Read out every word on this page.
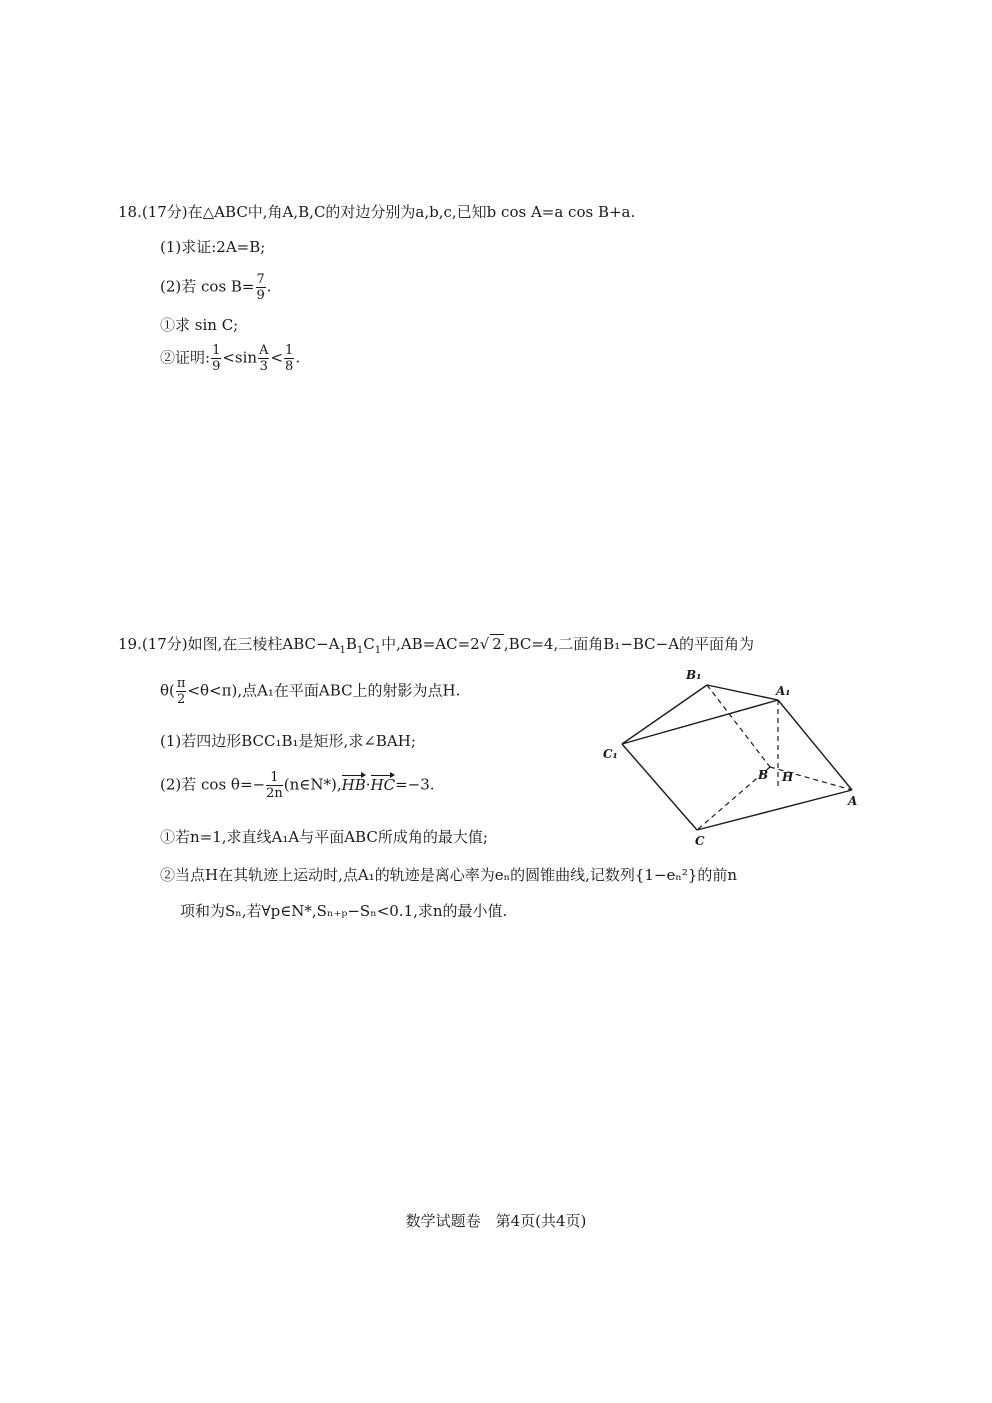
18.(17分)在△ABC中,角A,B,C的对边分别为a,b,c,已知b cos A=a cos B+a.
(1)求证:2A=B;
(2)若 $\cos B= \frac{7}{9}$ .
①求 sin C;
②证明: $\frac{1}{9} <\sin \frac{A}{3} < \frac{1}{8}$ .
19.(17分)如图,在三棱柱$ABC-A_1B_1C_1$中,AB=AC=2√ 2 ,BC=4,二面角B₁−BC−A的平面角为
$\theta( \frac{\pi}{2} <\theta<\pi)$,点A₁在平面ABC上的射影为点H.
(1)若四边形BCC₁B₁是矩形,求∠BAH;
(2)若 $\cos \theta=- \frac{1}{2n}$ (n∈N*),HB·HC=−3.
①若n=1,求直线A₁A与平面ABC所成角的最大值;
②当点H在其轨迹上运动时,点A₁的轨迹是离心率为eₙ的圆锥曲线,记数列{1−eₙ²}的前n
项和为Sₙ,若∀p∈N*,Sₙ₊ₚ−Sₙ<0.1,求n的最小值.
B₁
A₁
C₁
B H
A
C
数学试题卷　第4页(共4页)
